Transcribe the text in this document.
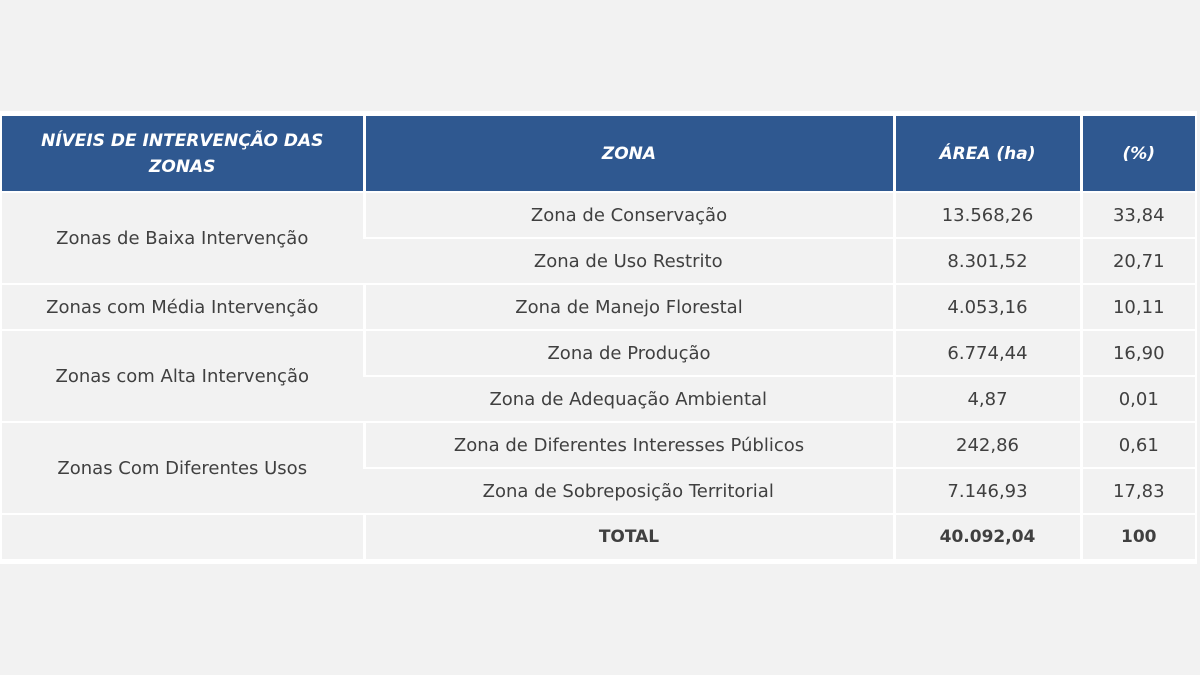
NÍVEIS DE INTERVENÇÃO DAS ZONAS	ZONA	ÁREA (ha)	(%)
Zonas de Baixa Intervenção	Zona de Conservação	13.568,26	33,84
	Zona de Uso Restrito	8.301,52	20,71
Zonas com Média Intervenção	Zona de Manejo Florestal	4.053,16	10,11
Zonas com Alta Intervenção	Zona de Produção	6.774,44	16,90
	Zona de Adequação Ambiental	4,87	0,01
Zonas Com Diferentes Usos	Zona de Diferentes Interesses Públicos	242,86	0,61
	Zona de Sobreposição Territorial	7.146,93	17,83
	TOTAL	40.092,04	100
